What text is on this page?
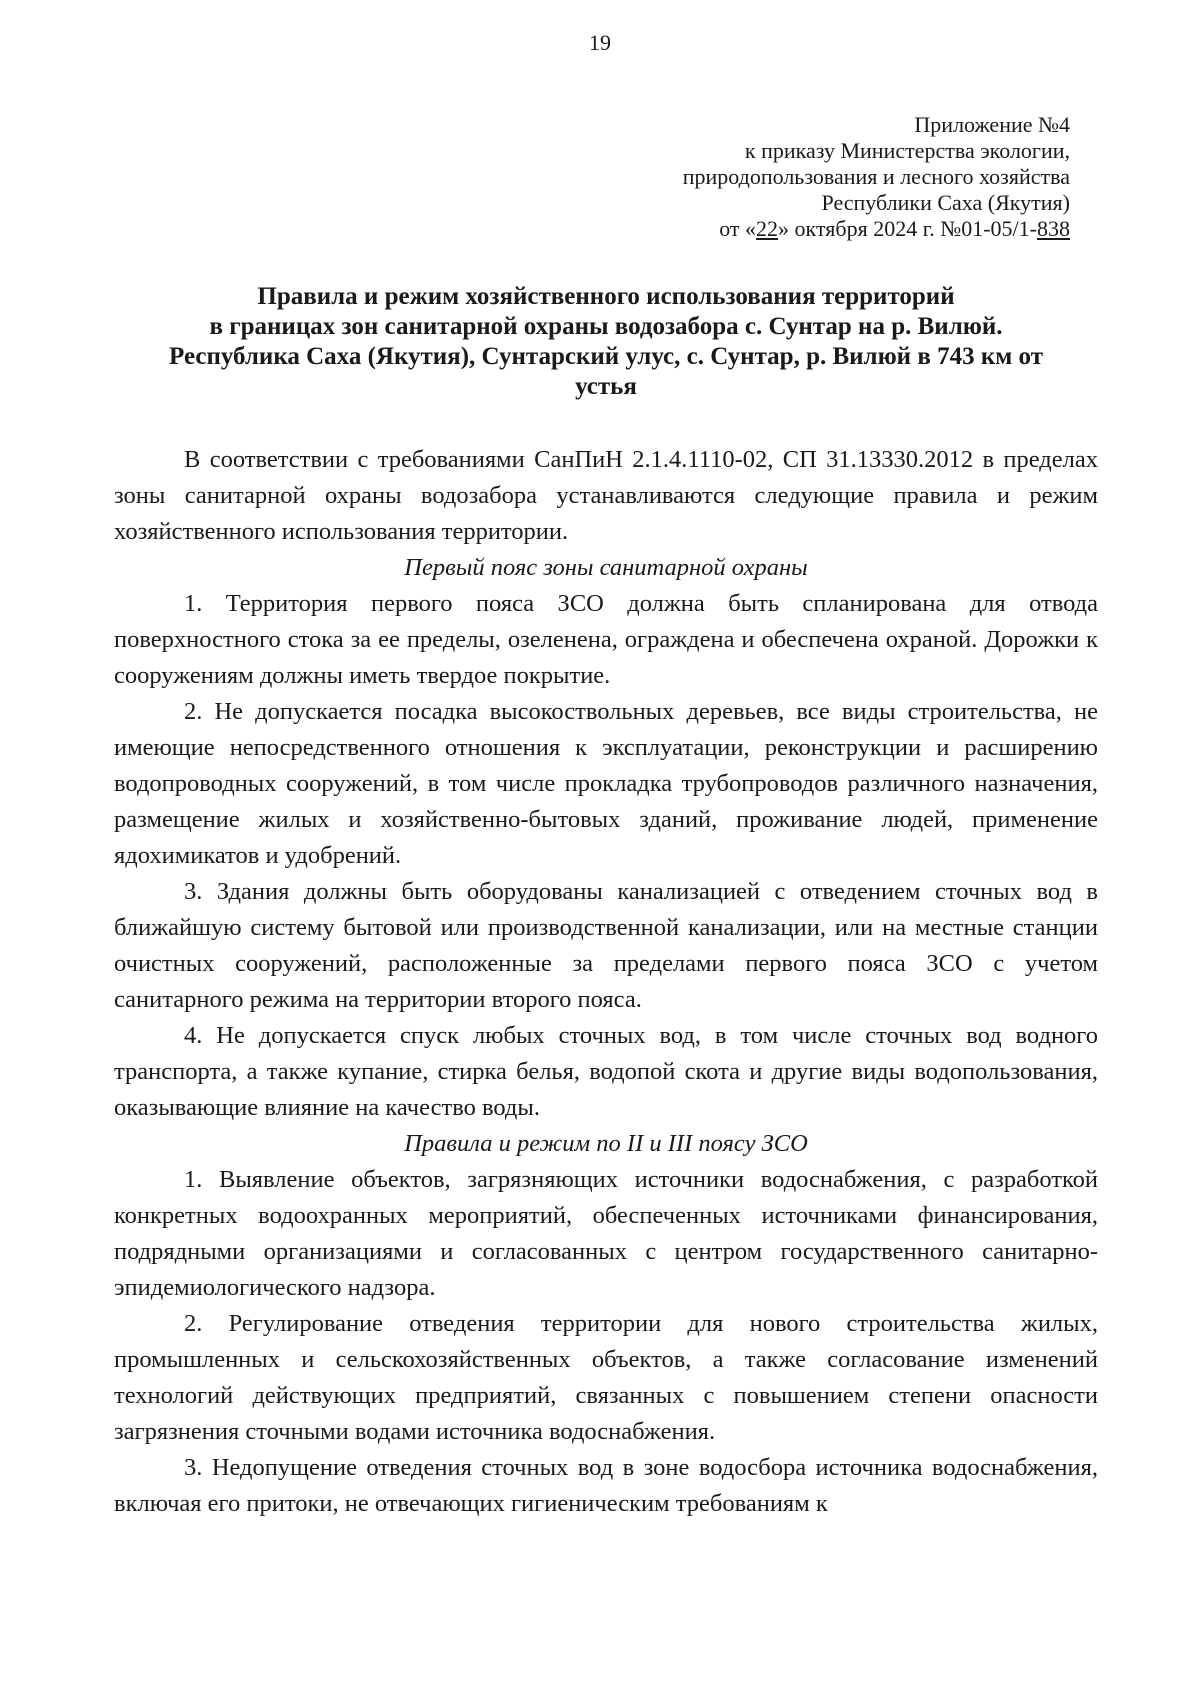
19
Приложение №4
к приказу Министерства экологии,
природопользования и лесного хозяйства
Республики Саха (Якутия)
от «22» октября 2024 г. №01-05/1-838
Правила и режим хозяйственного использования территорий
в границах зон санитарной охраны водозабора с. Сунтар на р. Вилюй.
Республика Саха (Якутия), Сунтарский улус, с. Сунтар, р. Вилюй в 743 км от
устья

В соответствии с требованиями СанПиН 2.1.4.1110-02, СП 31.13330.2012 в пределах зоны санитарной охраны водозабора устанавливаются следующие правила и режим хозяйственного использования территории.

Первый пояс зоны санитарной охраны

1. Территория первого пояса ЗСО должна быть спланирована для отвода поверхностного стока за ее пределы, озеленена, ограждена и обеспечена охраной. Дорожки к сооружениям должны иметь твердое покрытие.

2. Не допускается посадка высокоствольных деревьев, все виды строительства, не имеющие непосредственного отношения к эксплуатации, реконструкции и расширению водопроводных сооружений, в том числе прокладка трубопроводов различного назначения, размещение жилых и хозяйственно-бытовых зданий, проживание людей, применение ядохимикатов и удобрений.

3. Здания должны быть оборудованы канализацией с отведением сточных вод в ближайшую систему бытовой или производственной канализации, или на местные станции очистных сооружений, расположенные за пределами первого пояса ЗСО с учетом санитарного режима на территории второго пояса.

4. Не допускается спуск любых сточных вод, в том числе сточных вод водного транспорта, а также купание, стирка белья, водопой скота и другие виды водопользования, оказывающие влияние на качество воды.

Правила и режим по II и III поясу ЗСО

1. Выявление объектов, загрязняющих источники водоснабжения, с разработкой конкретных водоохранных мероприятий, обеспеченных источниками финансирования, подрядными организациями и согласованных с центром государственного санитарно-эпидемиологического надзора.

2. Регулирование отведения территории для нового строительства жилых, промышленных и сельскохозяйственных объектов, а также согласование изменений технологий действующих предприятий, связанных с повышением степени опасности загрязнения сточными водами источника водоснабжения.

3. Недопущение отведения сточных вод в зоне водосбора источника водоснабжения, включая его притоки, не отвечающих гигиеническим требованиям к
